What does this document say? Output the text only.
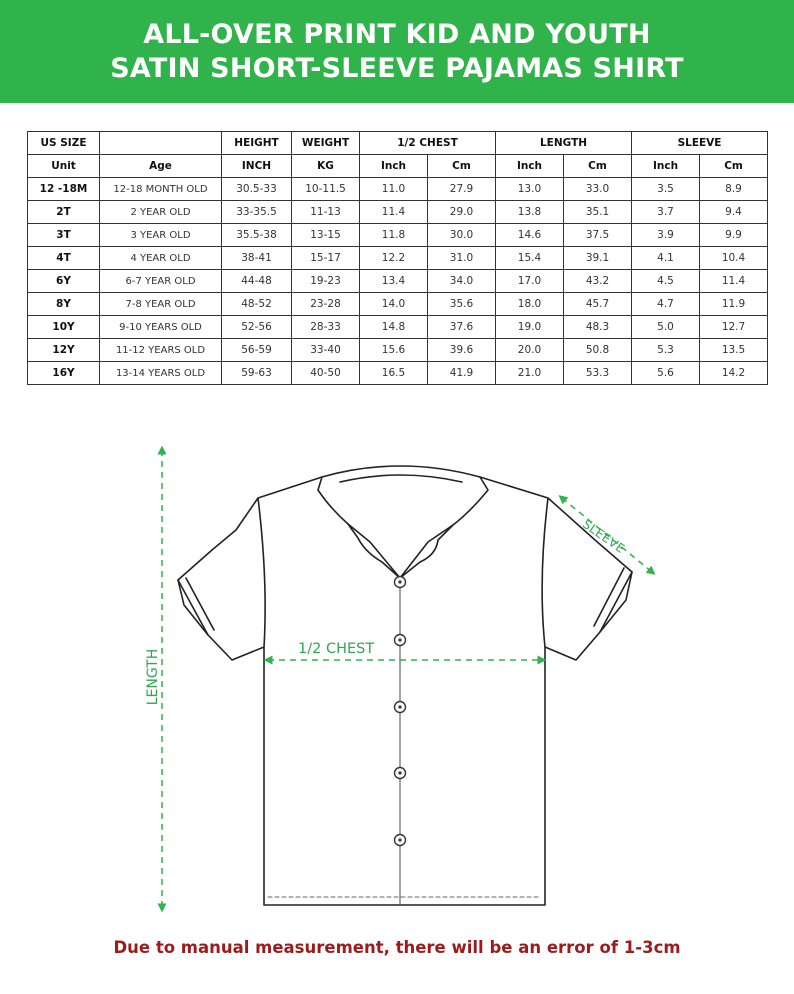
ALL-OVER PRINT KID AND YOUTH
SATIN SHORT-SLEEVE PAJAMAS SHIRT
US SIZE		HEIGHT	WEIGHT	1/2 CHEST		LENGTH		SLEEVE	
Unit	Age	INCH	KG	Inch	Cm	Inch	Cm	Inch	Cm
12 -18M	12-18 MONTH OLD	30.5-33	10-11.5	11.0	27.9	13.0	33.0	3.5	8.9
2T	2 YEAR OLD	33-35.5	11-13	11.4	29.0	13.8	35.1	3.7	9.4
3T	3 YEAR OLD	35.5-38	13-15	11.8	30.0	14.6	37.5	3.9	9.9
4T	4 YEAR OLD	38-41	15-17	12.2	31.0	15.4	39.1	4.1	10.4
6Y	6-7 YEAR OLD	44-48	19-23	13.4	34.0	17.0	43.2	4.5	11.4
8Y	7-8 YEAR OLD	48-52	23-28	14.0	35.6	18.0	45.7	4.7	11.9
10Y	9-10 YEARS OLD	52-56	28-33	14.8	37.6	19.0	48.3	5.0	12.7
12Y	11-12 YEARS OLD	56-59	33-40	15.6	39.6	20.0	50.8	5.3	13.5
16Y	13-14 YEARS OLD	59-63	40-50	16.5	41.9	21.0	53.3	5.6	14.2
LENGTH	1/2 CHEST
SLEEVE
Due to manual measurement, there will be an error of 1-3cm
